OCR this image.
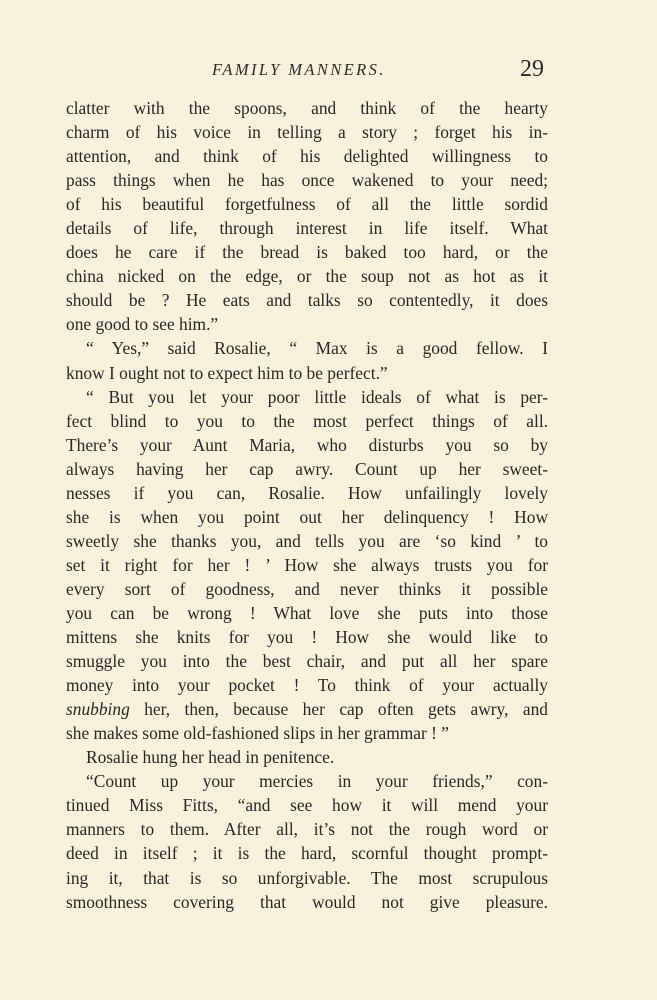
FAMILY MANNERS.	29
clatter with the spoons, and think of the hearty
charm of his voice in telling a story ; forget his in-
attention, and think of his delighted willingness to
pass things when he has once wakened to your need;
of his beautiful forgetfulness of all the little sordid
details of life, through interest in life itself. What
does he care if the bread is baked too hard, or the
china nicked on the edge, or the soup not as hot as it
should be ? He eats and talks so contentedly, it does
one good to see him.”
“ Yes,” said Rosalie, “ Max is a good fellow. I
know I ought not to expect him to be perfect.”
“ But you let your poor little ideals of what is per-
fect blind to you to the most perfect things of all.
There’s your Aunt Maria, who disturbs you so by
always having her cap awry. Count up her sweet-
nesses if you can, Rosalie. How unfailingly lovely
she is when you point out her delinquency ! How
sweetly she thanks you, and tells you are ‘so kind ’ to
set it right for her ! ’ How she always trusts you for
every sort of goodness, and never thinks it possible
you can be wrong ! What love she puts into those
mittens she knits for you ! How she would like to
smuggle you into the best chair, and put all her spare
money into your pocket ! To think of your actually
snubbing her, then, because her cap often gets awry, and
she makes some old-fashioned slips in her grammar ! ”
Rosalie hung her head in penitence.
“Count up your mercies in your friends,” con-
tinued Miss Fitts, “and see how it will mend your
manners to them. After all, it’s not the rough word or
deed in itself ; it is the hard, scornful thought prompt-
ing it, that is so unforgivable. The most scrupulous
smoothness covering that would not give pleasure.
